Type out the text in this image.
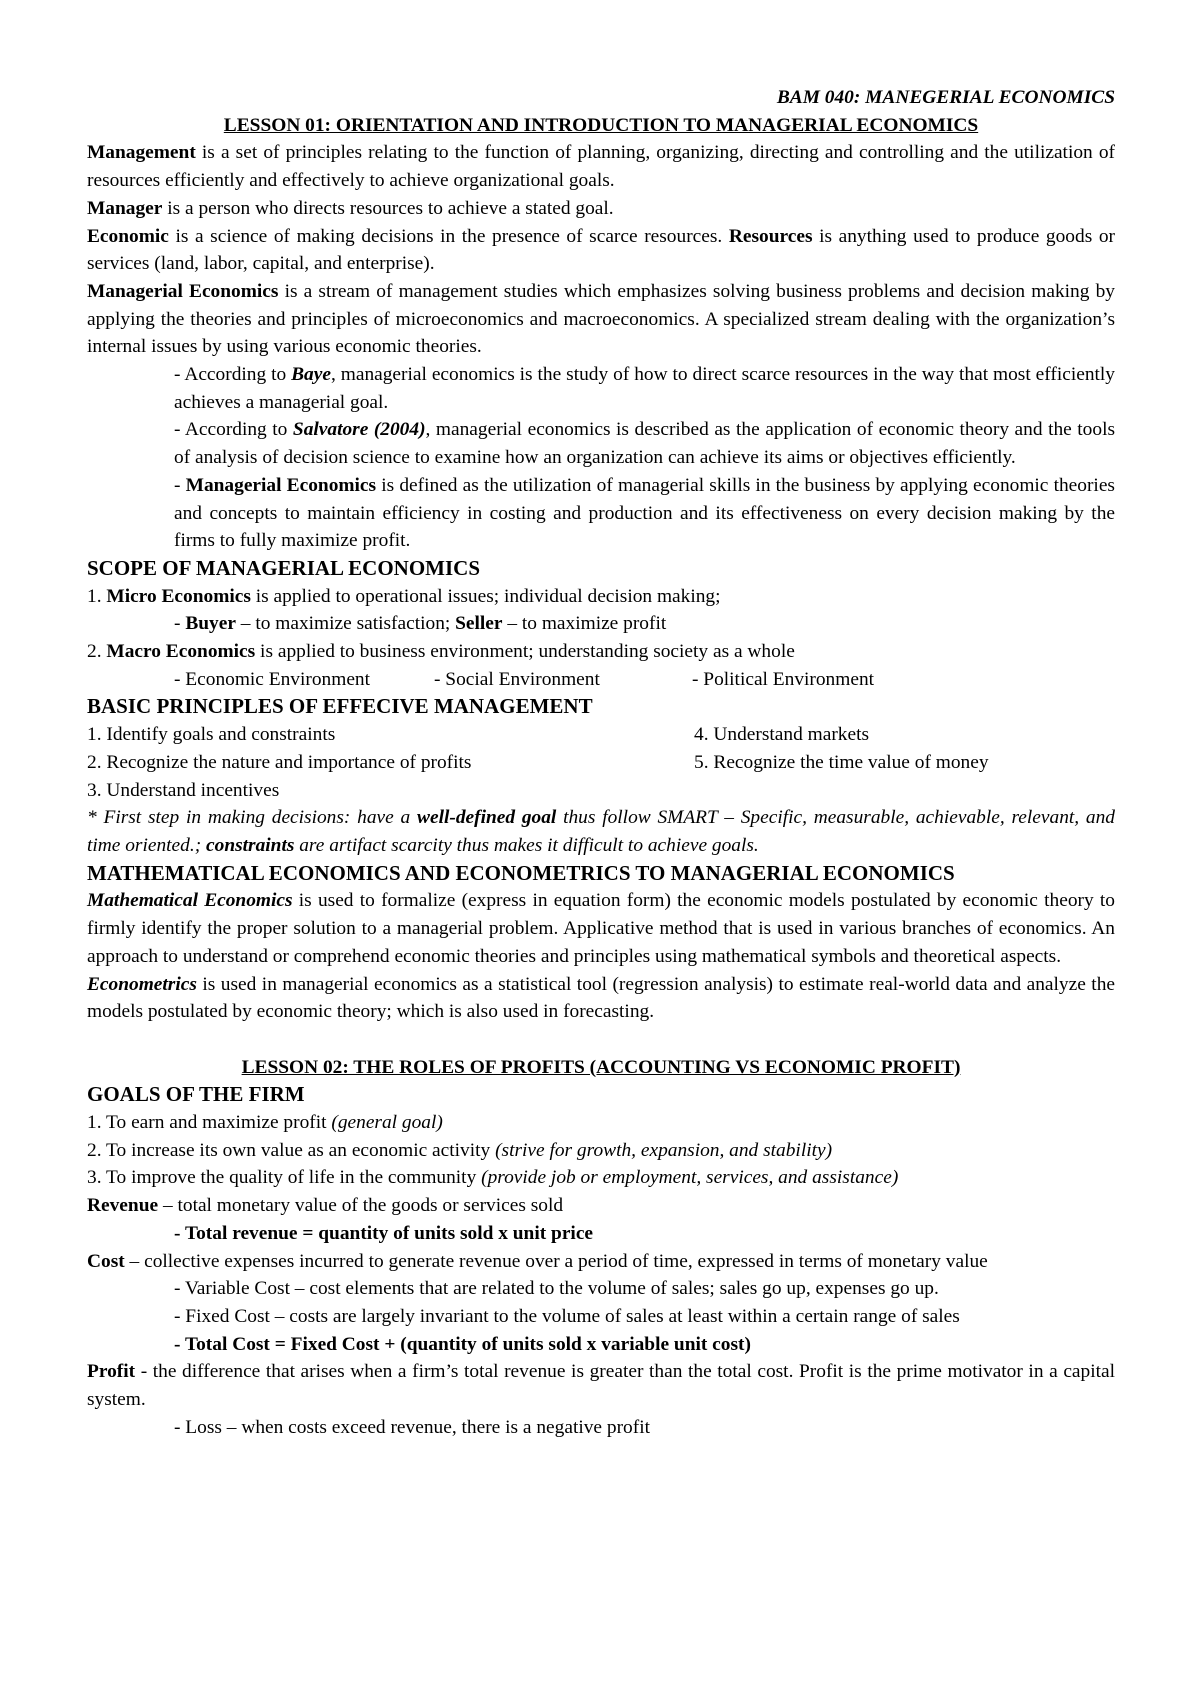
BAM 040: MANEGERIAL ECONOMICS
LESSON 01: ORIENTATION AND INTRODUCTION TO MANAGERIAL ECONOMICS

Management is a set of principles relating to the function of planning, organizing, directing and controlling and the utilization of resources efficiently and effectively to achieve organizational goals.

Manager is a person who directs resources to achieve a stated goal.

Economic is a science of making decisions in the presence of scarce resources. Resources is anything used to produce goods or services (land, labor, capital, and enterprise).

Managerial Economics is a stream of management studies which emphasizes solving business problems and decision making by applying the theories and principles of microeconomics and macroeconomics. A specialized stream dealing with the organization’s internal issues by using various economic theories.

- According to Baye, managerial economics is the study of how to direct scarce resources in the way that most efficiently achieves a managerial goal.

- According to Salvatore (2004), managerial economics is described as the application of economic theory and the tools of analysis of decision science to examine how an organization can achieve its aims or objectives efficiently.

- Managerial Economics is defined as the utilization of managerial skills in the business by applying economic theories and concepts to maintain efficiency in costing and production and its effectiveness on every decision making by the firms to fully maximize profit.

SCOPE OF MANAGERIAL ECONOMICS

1. Micro Economics is applied to operational issues; individual decision making;

- Buyer – to maximize satisfaction; Seller – to maximize profit

2. Macro Economics is applied to business environment; understanding society as a whole

- Economic Environment	- Social Environment	- Political Environment
BASIC PRINCIPLES OF EFFECIVE MANAGEMENT
1. Identify goals and constraints
2. Recognize the nature and importance of profits
3. Understand incentives
4. Understand markets
5. Recognize the time value of money

* First step in making decisions: have a well-defined goal thus follow SMART – Specific, measurable, achievable, relevant, and time oriented.; constraints are artifact scarcity thus makes it difficult to achieve goals.

MATHEMATICAL ECONOMICS AND ECONOMETRICS TO MANAGERIAL ECONOMICS

Mathematical Economics is used to formalize (express in equation form) the economic models postulated by economic theory to firmly identify the proper solution to a managerial problem. Applicative method that is used in various branches of economics. An approach to understand or comprehend economic theories and principles using mathematical symbols and theoretical aspects.

Econometrics is used in managerial economics as a statistical tool (regression analysis) to estimate real-world data and analyze the models postulated by economic theory; which is also used in forecasting.

LESSON 02: THE ROLES OF PROFITS (ACCOUNTING VS ECONOMIC PROFIT)
GOALS OF THE FIRM

1. To earn and maximize profit (general goal)

2. To increase its own value as an economic activity (strive for growth, expansion, and stability)

3. To improve the quality of life in the community (provide job or employment, services, and assistance)

Revenue – total monetary value of the goods or services sold

- Total revenue = quantity of units sold x unit price

Cost – collective expenses incurred to generate revenue over a period of time, expressed in terms of monetary value

- Variable Cost – cost elements that are related to the volume of sales; sales go up, expenses go up.

- Fixed Cost – costs are largely invariant to the volume of sales at least within a certain range of sales

- Total Cost = Fixed Cost + (quantity of units sold x variable unit cost)

Profit - the difference that arises when a firm’s total revenue is greater than the total cost. Profit is the prime motivator in a capital system.

- Loss – when costs exceed revenue, there is a negative profit
